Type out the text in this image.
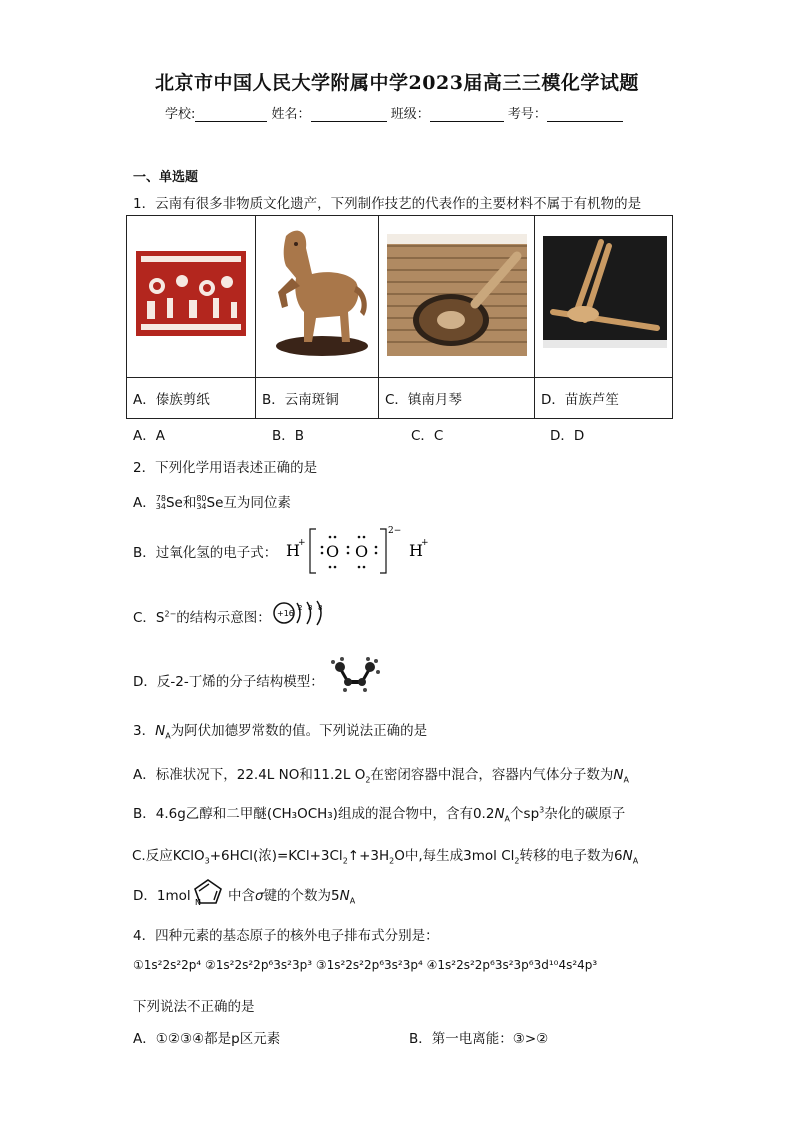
北京市中国人民大学附属中学2023届高三三模化学试题
学校:	姓名：	班级：	考号：
一、单选题
1．云南有很多非物质文化遗产，下列制作技艺的代表作的主要材料不属于有机物的是

A．傣族剪纸	B．云南斑铜	C．镇南月琴	D．苗族芦笙
A．A	B．B	C．C	D．D
2．下列化学用语表述正确的是
A．78
34Se和80
34Se互为同位素
B．过氧化氢的电子式： H
+ O O
2−
H
+
C．$S^{2-}$的结构示意图： +16
2 8 8
D．反-2-丁烯的分子结构模型：
3．$N_A$为阿伏加德罗常数的值。下列说法正确的是
A．标准状况下，22.4L NO和11.2L $O_2$在密闭容器中混合，容器内气体分子数为$N_A$
B．4.6g乙醇和二甲醚(CH₃OCH₃)组成的混合物中，含有$0.2N_A$个$sp^3$杂化的碳原子
C.反应KClO$_3$+6HCl(浓)$=KCl+3Cl_2↑+3H_2O$中,每生成3mol $Cl_2$转移的电子数为$6N_A$
D．1mol N 中含σ键的个数为$5N_A$
4．四种元素的基态原子的核外电子排布式分别是：
①1s²2s²2p⁴ ②1s²2s²2p⁶3s²3p³ ③1s²2s²2p⁶3s²3p⁴ ④1s²2s²2p⁶3s²3p⁶3d¹⁰4s²4p³
下列说法不正确的是
A．①②③④都是p区元素	B．第一电离能：③>②
